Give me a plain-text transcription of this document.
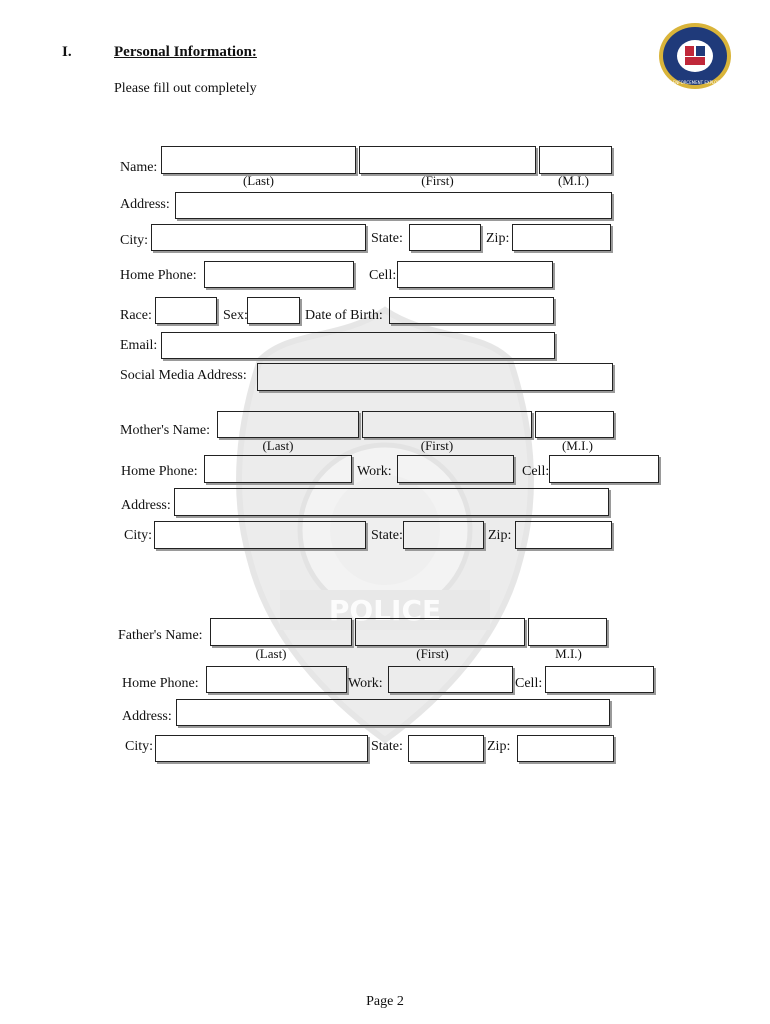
POLICE
LAW ENFORCEMENT EXPLORING
I.	Personal Information:
Please fill out completely
Name:
(Last)	(First)	(M.I.)
Address:
City:	State:	Zip:
Home Phone:	Cell:
Race:	Sex:	Date of Birth:
Email:
Social Media Address:
Mother's Name:
(Last)	(First)	(M.I.)
Home Phone:	Work:	Cell:
Address:
City:	State:	Zip:
Father's Name:
(Last)	(First)	M.I.)
Home Phone:	Work:	Cell:
Address:
City:	State:	Zip:
Page 2
